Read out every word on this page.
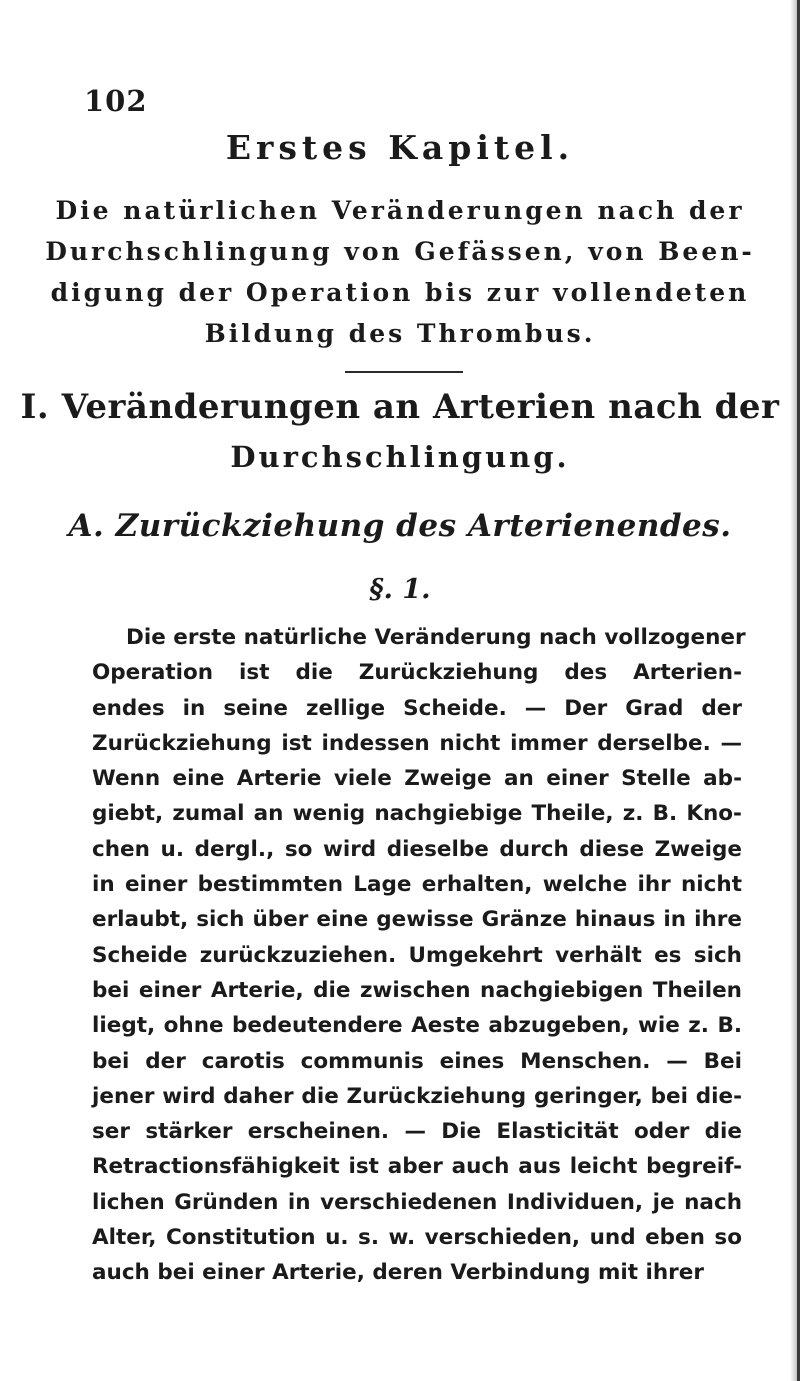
102
Erstes Kapitel.
Die natürlichen Veränderungen nach der
Durchschlingung von Gefässen, von Been-
digung der Operation bis zur vollendeten
Bildung des Thrombus.
I. Veränderungen an Arterien nach der
Durchschlingung.
A. Zurückziehung des Arterienendes.
§. 1.
Die erste natürliche Veränderung nach vollzogener
Operation ist die Zurückziehung des Arterien-
endes in seine zellige Scheide. — Der Grad der
Zurückziehung ist indessen nicht immer derselbe. —
Wenn eine Arterie viele Zweige an einer Stelle ab-
giebt, zumal an wenig nachgiebige Theile, z. B. Kno-
chen u. dergl., so wird dieselbe durch diese Zweige
in einer bestimmten Lage erhalten, welche ihr nicht
erlaubt, sich über eine gewisse Gränze hinaus in ihre
Scheide zurückzuziehen. Umgekehrt verhält es sich
bei einer Arterie, die zwischen nachgiebigen Theilen
liegt, ohne bedeutendere Aeste abzugeben, wie z. B.
bei der carotis communis eines Menschen. — Bei
jener wird daher die Zurückziehung geringer, bei die-
ser stärker erscheinen. — Die Elasticität oder die
Retractionsfähigkeit ist aber auch aus leicht begreif-
lichen Gründen in verschiedenen Individuen, je nach
Alter, Constitution u. s. w. verschieden, und eben so
auch bei einer Arterie, deren Verbindung mit ihrer
